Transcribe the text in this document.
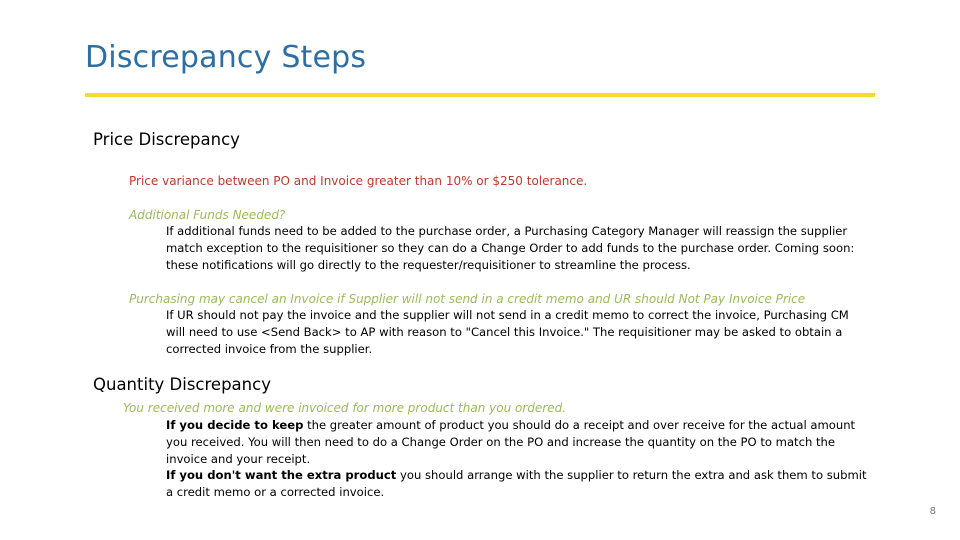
Discrepancy Steps
Price Discrepancy
Price variance between PO and Invoice greater than 10% or $250 tolerance.
Additional Funds Needed?
If additional funds need to be added to the purchase order, a Purchasing Category Manager will reassign the supplier match exception to the requisitioner so they can do a Change Order to add funds to the purchase order. Coming soon: these notifications will go directly to the requester/requisitioner to streamline the process.
Purchasing may cancel an Invoice if Supplier will not send in a credit memo and UR should Not Pay Invoice Price
If UR should not pay the invoice and the supplier will not send in a credit memo to correct the invoice, Purchasing CM will need to use <Send Back> to AP with reason to "Cancel this Invoice." The requisitioner may be asked to obtain a corrected invoice from the supplier.
Quantity Discrepancy
You received more and were invoiced for more product than you ordered.
If you decide to keep the greater amount of product you should do a receipt and over receive for the actual amount you received. You will then need to do a Change Order on the PO and increase the quantity on the PO to match the invoice and your receipt.
If you don't want the extra product you should arrange with the supplier to return the extra and ask them to submit a credit memo or a corrected invoice.
8
